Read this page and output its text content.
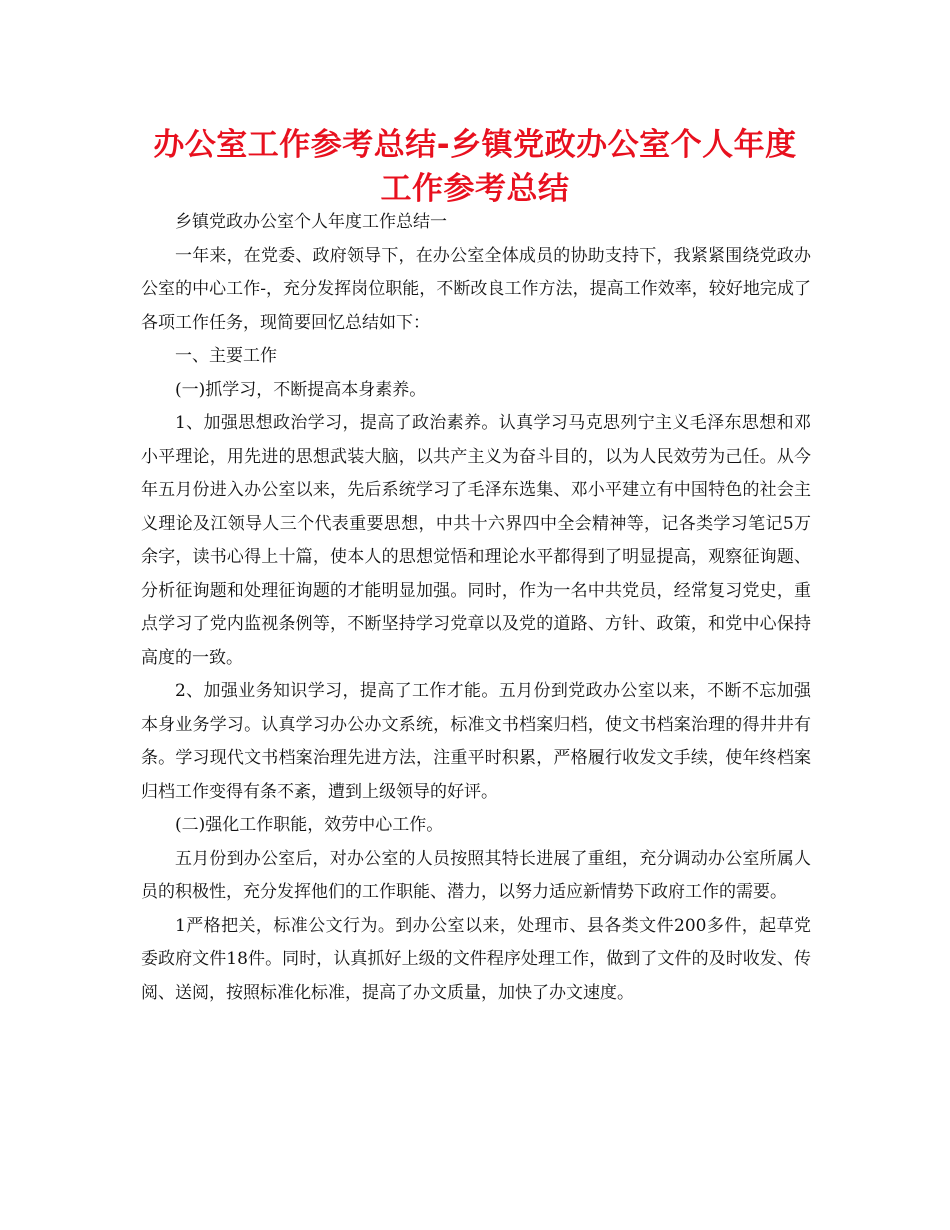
办公室工作参考总结-乡镇党政办公室个人年度工作参考总结

乡镇党政办公室个人年度工作总结一

一年来，在党委、政府领导下，在办公室全体成员的协助支持下，我紧紧围绕党政办公室的中心工作-，充分发挥岗位职能，不断改良工作方法，提高工作效率，较好地完成了各项工作任务，现简要回忆总结如下：

一、主要工作

(一)抓学习，不断提高本身素养。

1、加强思想政治学习，提高了政治素养。认真学习马克思列宁主义毛泽东思想和邓小平理论，用先进的思想武装大脑，以共产主义为奋斗目的，以为人民效劳为己任。从今年五月份进入办公室以来，先后系统学习了毛泽东选集、邓小平建立有中国特色的社会主义理论及江领导人三个代表重要思想，中共十六界四中全会精神等，记各类学习笔记5万余字，读书心得上十篇，使本人的思想觉悟和理论水平都得到了明显提高，观察征询题、分析征询题和处理征询题的才能明显加强。同时，作为一名中共党员，经常复习党史，重点学习了党内监视条例等，不断坚持学习党章以及党的道路、方针、政策，和党中心保持高度的一致。

2、加强业务知识学习，提高了工作才能。五月份到党政办公室以来，不断不忘加强本身业务学习。认真学习办公办文系统，标准文书档案归档，使文书档案治理的得井井有条。学习现代文书档案治理先进方法，注重平时积累，严格履行收发文手续，使年终档案归档工作变得有条不紊，遭到上级领导的好评。

(二)强化工作职能，效劳中心工作。

五月份到办公室后，对办公室的人员按照其特长进展了重组，充分调动办公室所属人员的积极性，充分发挥他们的工作职能、潜力，以努力适应新情势下政府工作的需要。

1严格把关，标准公文行为。到办公室以来，处理市、县各类文件200多件，起草党委政府文件18件。同时，认真抓好上级的文件程序处理工作，做到了文件的及时收发、传阅、送阅，按照标准化标准，提高了办文质量，加快了办文速度。
